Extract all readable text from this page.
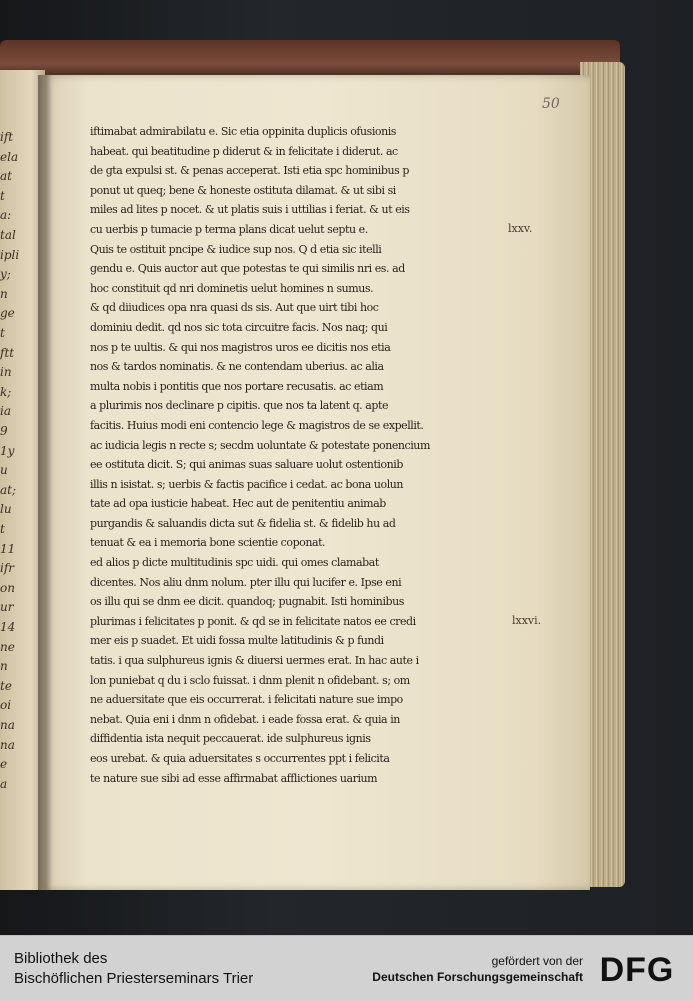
ift
ela
at
t
a:
tal
ipli
y;
n
ge
t
ftt
in
k;
ia
9
1y
u
at;
lu
t
11
ifr
on
ur
14
ne
n
te
oi
na
na
e
a
50
iftimabat admirabilatu e. Sic etia oppinita duplicis ofusionis
habeat. qui beatitudine p diderut & in felicitate i diderut. ac
de gta expulsi st. & penas acceperat. Isti etia spc hominibus p
ponut ut queq; bene & honeste ostituta dilamat. & ut sibi si
miles ad lites p nocet. & ut platis suis i uttilias i feriat. & ut eis
cu uerbis p tumacie p terma plans dicat uelut septu e.
Quis te ostituit pncipe & iudice sup nos. Q d etia sic itelli
gendu e. Quis auctor aut que potestas te qui similis nri es. ad
hoc constituit qd nri dominetis uelut homines n sumus.
& qd diiudices opa nra quasi ds sis. Aut que uirt tibi hoc
dominiu dedit. qd nos sic tota circuitre facis. Nos naq; qui
nos p te uultis. & qui nos magistros uros ee dicitis nos etia
nos & tardos nominatis. & ne contendam uberius. ac alia
multa nobis i pontitis que nos portare recusatis. ac etiam
a plurimis nos declinare p cipitis. que nos ta latent q. apte
facitis. Huius modi eni contencio lege & magistros de se expellit.
ac iudicia legis n recte s; secdm uoluntate & potestate ponencium
ee ostituta dicit. S; qui animas suas saluare uolut ostentionib
illis n isistat. s; uerbis & factis pacifice i cedat. ac bona uolun
tate ad opa iusticie habeat. Hec aut de penitentiu animab
purgandis & saluandis dicta sut & fidelia st. & fidelib hu ad
tenuat & ea i memoria bone scientie coponat.
ed alios p dicte multitudinis spc uidi. qui omes clamabat
dicentes. Nos aliu dnm nolum. pter illu qui lucifer e. Ipse eni
os illu qui se dnm ee dicit. quandoq; pugnabit. Isti hominibus
plurimas i felicitates p ponit. & qd se in felicitate natos ee credi
mer eis p suadet. Et uidi fossa multe latitudinis & p fundi
tatis. i qua sulphureus ignis & diuersi uermes erat. In hac aute i
lon puniebat q du i sclo fuissat. i dnm plenit n ofidebant. s; om
ne aduersitate que eis occurrerat. i felicitati nature sue impo
nebat. Quia eni i dnm n ofidebat. i eade fossa erat. & quia in
diffidentia ista nequit peccauerat. ide sulphureus ignis
eos urebat. & quia aduersitates s occurrentes ppt i felicita
te nature sue sibi ad esse affirmabat afflictiones uarium
lxxv.
lxxvi.
Bibliothek des
Bischöflichen Priesterseminars Trier
gefördert von der
Deutschen Forschungsgemeinschaft DFG
